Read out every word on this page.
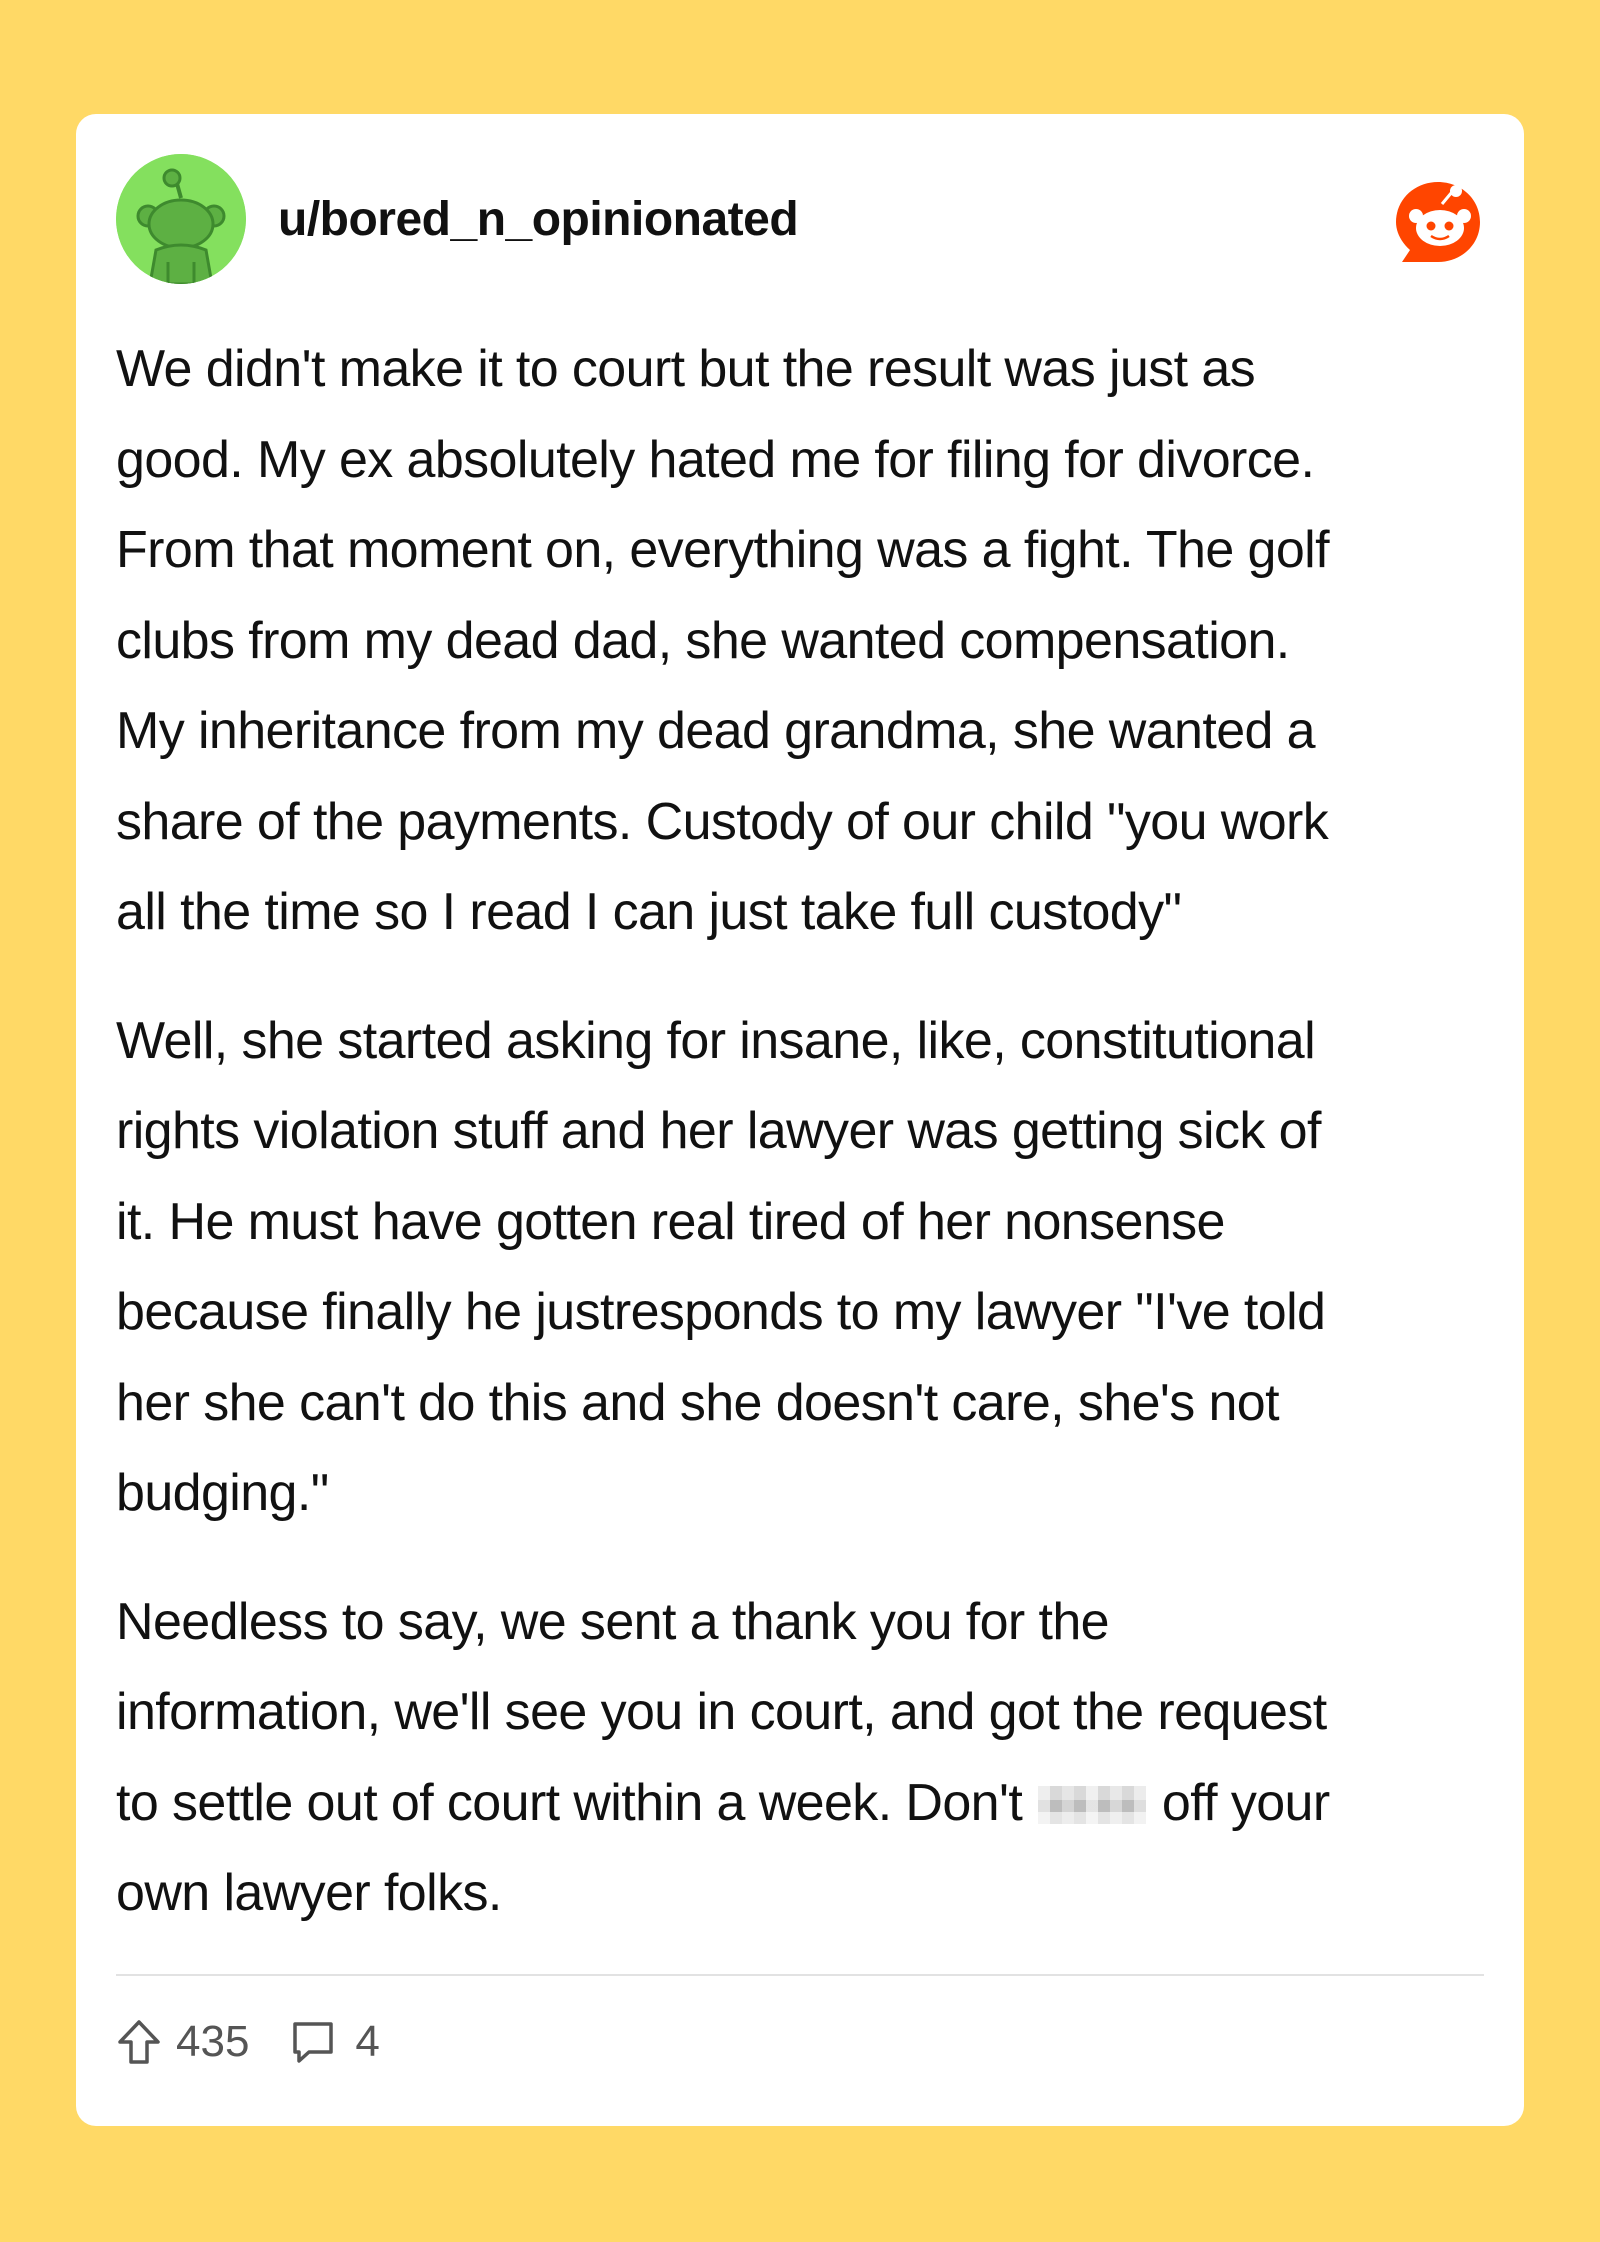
u/bored_n_opinionated

We didn't make it to court but the result was just as
good. My ex absolutely hated me for filing for divorce.
From that moment on, everything was a fight. The golf
clubs from my dead dad, she wanted compensation.
My inheritance from my dead grandma, she wanted a
share of the payments. Custody of our child "you work
all the time so I read I can just take full custody"

Well, she started asking for insane, like, constitutional
rights violation stuff and her lawyer was getting sick of
it. He must have gotten real tired of her nonsense
because finally he justresponds to my lawyer "I've told
her she can't do this and she doesn't care, she's not
budging."

Needless to say, we sent a thank you for the
information, we'll see you in court, and got the request
to settle out of court within a week. Don't	off your
own lawyer folks.

435 4
